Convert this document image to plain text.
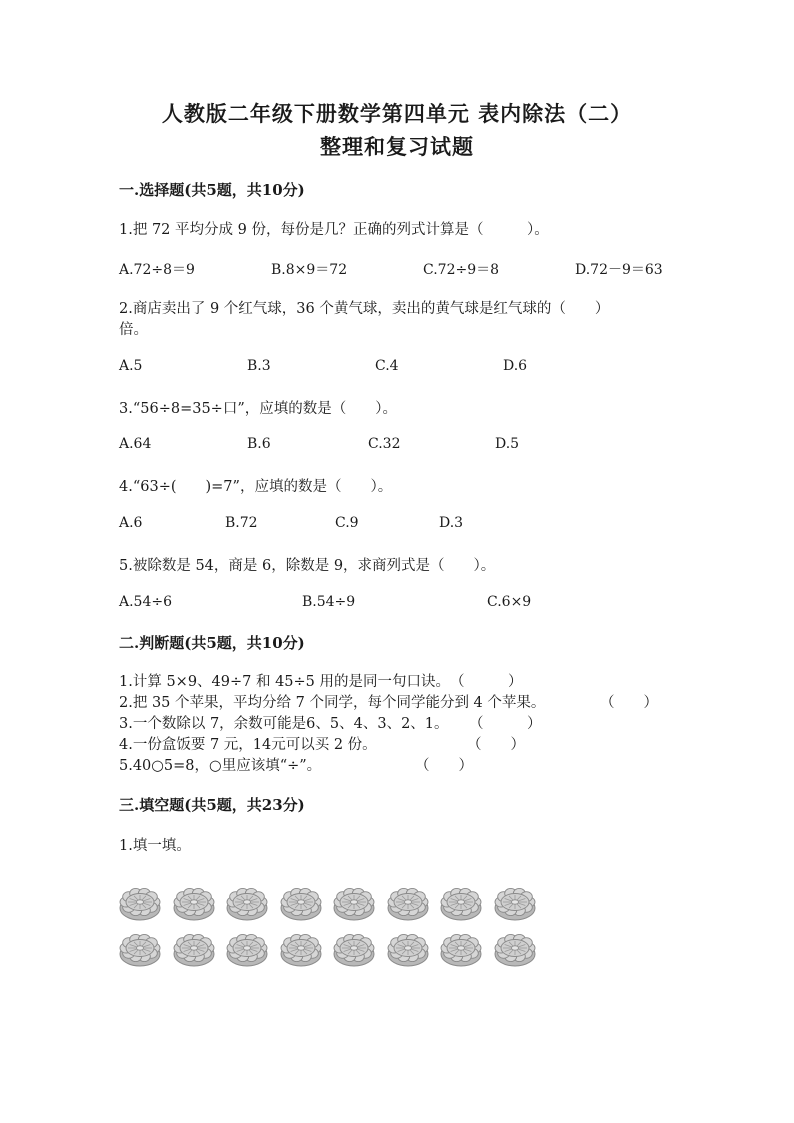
人教版二年级下册数学第四单元 表内除法（二）
整理和复习试题
一.选择题(共5题，共10分)
1.把 72 平均分成 9 份，每份是几？正确的列式计算是（　　　）。
A.72÷8＝9	B.8×9＝72	C.72÷9＝8	D.72－9＝63
2.商店卖出了 9 个红气球，36 个黄气球，卖出的黄气球是红气球的（　　）
倍。
A.5	B.3	C.4	D.6
3.“56÷8=35÷口”，应填的数是（　　）。
A.64	B.6	C.32	D.5
4.“63÷(　　)=7”，应填的数是（　　）。
A.6	B.72	C.9	D.3
5.被除数是 54，商是 6，除数是 9，求商列式是（　　）。
A.54÷6	B.54÷9	C.6×9
二.判断题(共5题，共10分)
1.计算 5×9、49÷7 和 45÷5 用的是同一句口诀。 （　　　）
2.把 35 个苹果，平均分给 7 个同学，每个同学能分到 4 个苹果。	（　　）
3.一个数除以 7，余数可能是6、5、4、3、2、1。 （　　　）
4.一份盒饭要 7 元，14元可以买 2 份。	（　　）
5.40○5=8，○里应该填“÷”。	（　　）
三.填空题(共5题，共23分)
1.填一填。
